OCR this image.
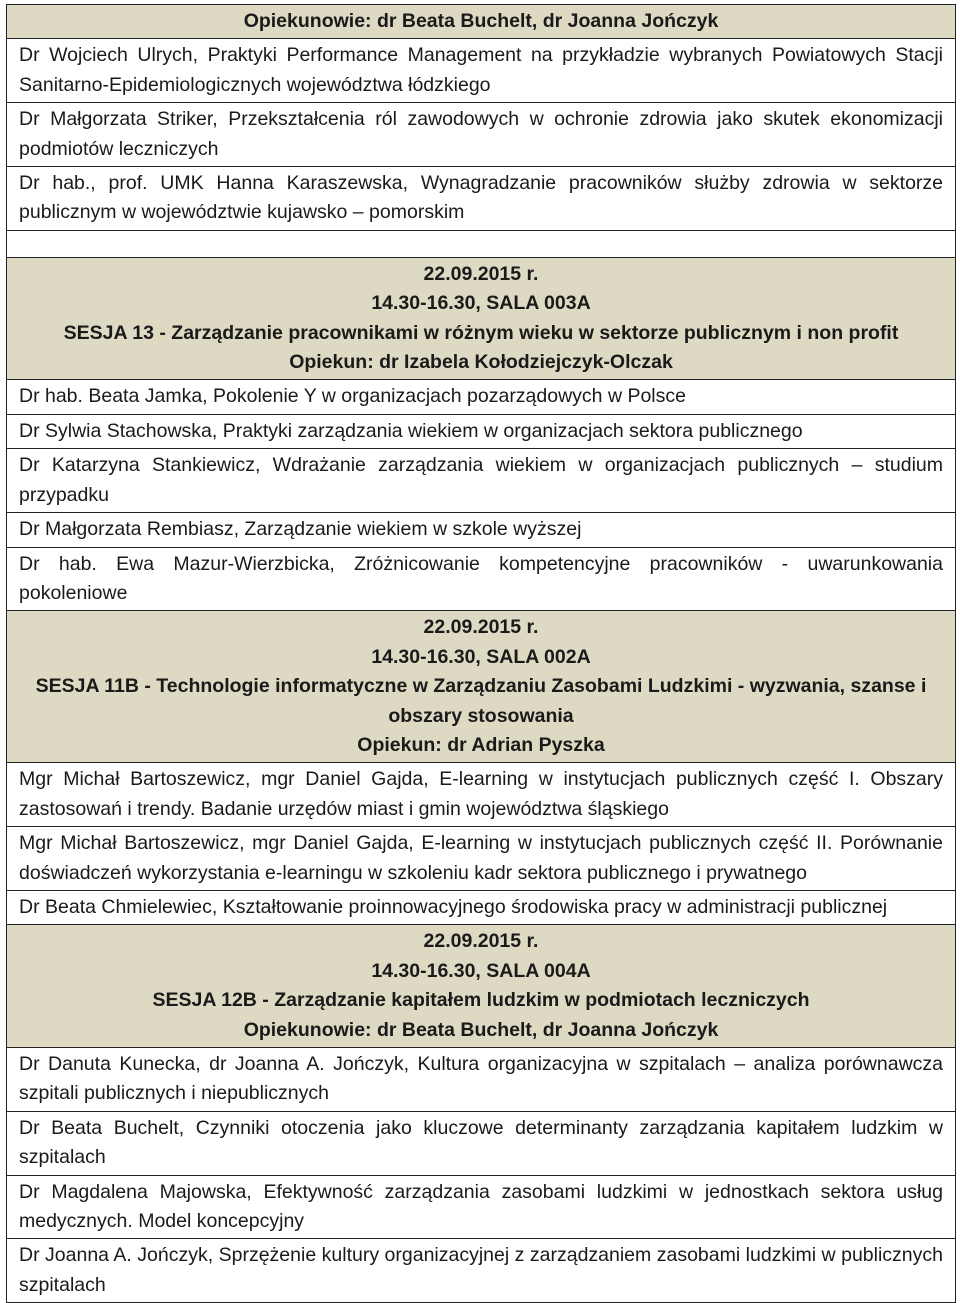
Opiekunowie: dr Beata Buchelt, dr Joanna Jończyk

Dr Wojciech Ulrych, Praktyki Performance Management na przykładzie wybranych Powiatowych Stacji Sanitarno-Epidemiologicznych województwa łódzkiego
Dr Małgorzata Striker, Przekształcenia ról zawodowych w ochronie zdrowia jako skutek ekonomizacji podmiotów leczniczych
Dr hab., prof. UMK Hanna Karaszewska, Wynagradzanie pracowników służby zdrowia w sektorze publicznym w województwie kujawsko – pomorskim

22.09.2015 r.
14.30-16.30, SALA 003A
SESJA 13 - Zarządzanie pracownikami w różnym wieku w sektorze publicznym i non profit
Opiekun: dr Izabela Kołodziejczyk-Olczak

Dr hab. Beata Jamka, Pokolenie Y w organizacjach pozarządowych w Polsce
Dr Sylwia Stachowska, Praktyki zarządzania wiekiem w organizacjach sektora publicznego
Dr Katarzyna Stankiewicz, Wdrażanie zarządzania wiekiem w organizacjach publicznych – studium przypadku
Dr Małgorzata Rembiasz, Zarządzanie wiekiem w szkole wyższej
Dr hab. Ewa Mazur-Wierzbicka, Zróżnicowanie kompetencyjne pracowników - uwarunkowania pokoleniowe

22.09.2015 r.
14.30-16.30, SALA 002A
SESJA 11B - Technologie informatyczne w Zarządzaniu Zasobami Ludzkimi - wyzwania, szanse i obszary stosowania
Opiekun: dr Adrian Pyszka

Mgr Michał Bartoszewicz, mgr Daniel Gajda, E-learning w instytucjach publicznych część I. Obszary zastosowań i trendy. Badanie urzędów miast i gmin województwa śląskiego
Mgr Michał Bartoszewicz, mgr Daniel Gajda, E-learning w instytucjach publicznych część II. Porównanie doświadczeń wykorzystania e-learningu w szkoleniu kadr sektora publicznego i prywatnego
Dr Beata Chmielewiec, Kształtowanie proinnowacyjnego środowiska pracy w administracji publicznej

22.09.2015 r.
14.30-16.30, SALA 004A
SESJA 12B - Zarządzanie kapitałem ludzkim w podmiotach leczniczych
Opiekunowie: dr Beata Buchelt, dr Joanna Jończyk

Dr Danuta Kunecka, dr Joanna A. Jończyk, Kultura organizacyjna w szpitalach – analiza porównawcza szpitali publicznych i niepublicznych
Dr Beata Buchelt, Czynniki otoczenia jako kluczowe determinanty zarządzania kapitałem ludzkim w szpitalach
Dr Magdalena Majowska, Efektywność zarządzania zasobami ludzkimi w jednostkach sektora usług medycznych. Model koncepcyjny
Dr Joanna A. Jończyk, Sprzężenie kultury organizacyjnej z zarządzaniem zasobami ludzkimi w publicznych szpitalach
